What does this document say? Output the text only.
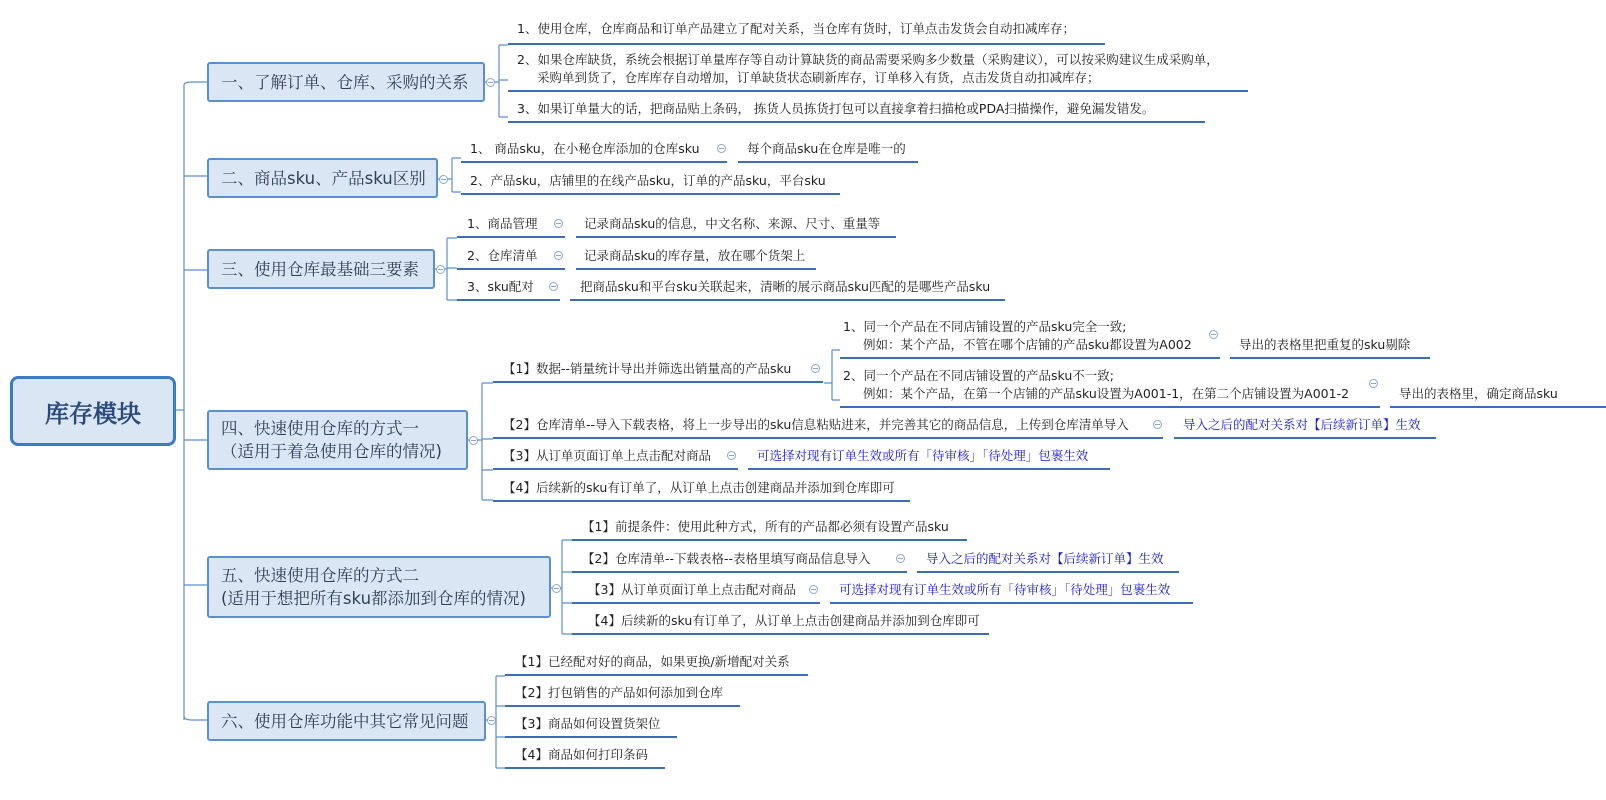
库存模块
一、了解订单、仓库、采购的关系
1、使用仓库，仓库商品和订单产品建立了配对关系，当仓库有货时，订单点击发货会自动扣减库存；
2、如果仓库缺货，系统会根据订单量库存等自动计算缺货的商品需要采购多少数量（采购建议），可以按采购建议生成采购单，
采购单到货了，仓库库存自动增加，订单缺货状态刷新库存，订单移入有货，点击发货自动扣减库存；
3、如果订单量大的话，把商品贴上条码， 拣货人员拣货打包可以直接拿着扫描枪或PDA扫描操作，避免漏发错发。
二、商品sku、产品sku区别
1、 商品sku，在小秘仓库添加的仓库sku	每个商品sku在仓库是唯一的
2、产品sku，店铺里的在线产品sku，订单的产品sku，平台sku
三、使用仓库最基础三要素
1、商品管理	记录商品sku的信息，中文名称、来源、尺寸、重量等
2、仓库清单	记录商品sku的库存量，放在哪个货架上
3、sku配对	把商品sku和平台sku关联起来，清晰的展示商品sku匹配的是哪些产品sku
四、快速使用仓库的方式一
（适用于着急使用仓库的情况)
【1】数据--销量统计导出并筛选出销量高的产品sku
1、同一个产品在不同店铺设置的产品sku完全一致;
例如：某个产品，不管在哪个店铺的产品sku都设置为A002	导出的表格里把重复的sku剔除
2、同一个产品在不同店铺设置的产品sku不一致;
例如：某个产品，在第一个店铺的产品sku设置为A001-1，在第二个店铺设置为A001-2	导出的表格里，确定商品sku
【2】仓库清单--导入下载表格，将上一步导出的sku信息粘贴进来，并完善其它的商品信息，上传到仓库清单导入	导入之后的配对关系对【后续新订单】生效
【3】从订单页面订单上点击配对商品	可选择对现有订单生效或所有「待审核」「待处理」包裹生效
【4】后续新的sku有订单了，从订单上点击创建商品并添加到仓库即可
五、快速使用仓库的方式二
(适用于想把所有sku都添加到仓库的情况)
【1】前提条件：使用此种方式，所有的产品都必须有设置产品sku
【2】仓库清单--下载表格--表格里填写商品信息导入	导入之后的配对关系对【后续新订单】生效
【3】从订单页面订单上点击配对商品	可选择对现有订单生效或所有「待审核」「待处理」包裹生效
【4】后续新的sku有订单了，从订单上点击创建商品并添加到仓库即可
六、使用仓库功能中其它常见问题
【1】已经配对好的商品，如果更换/新增配对关系
【2】打包销售的产品如何添加到仓库
【3】商品如何设置货架位
【4】商品如何打印条码
